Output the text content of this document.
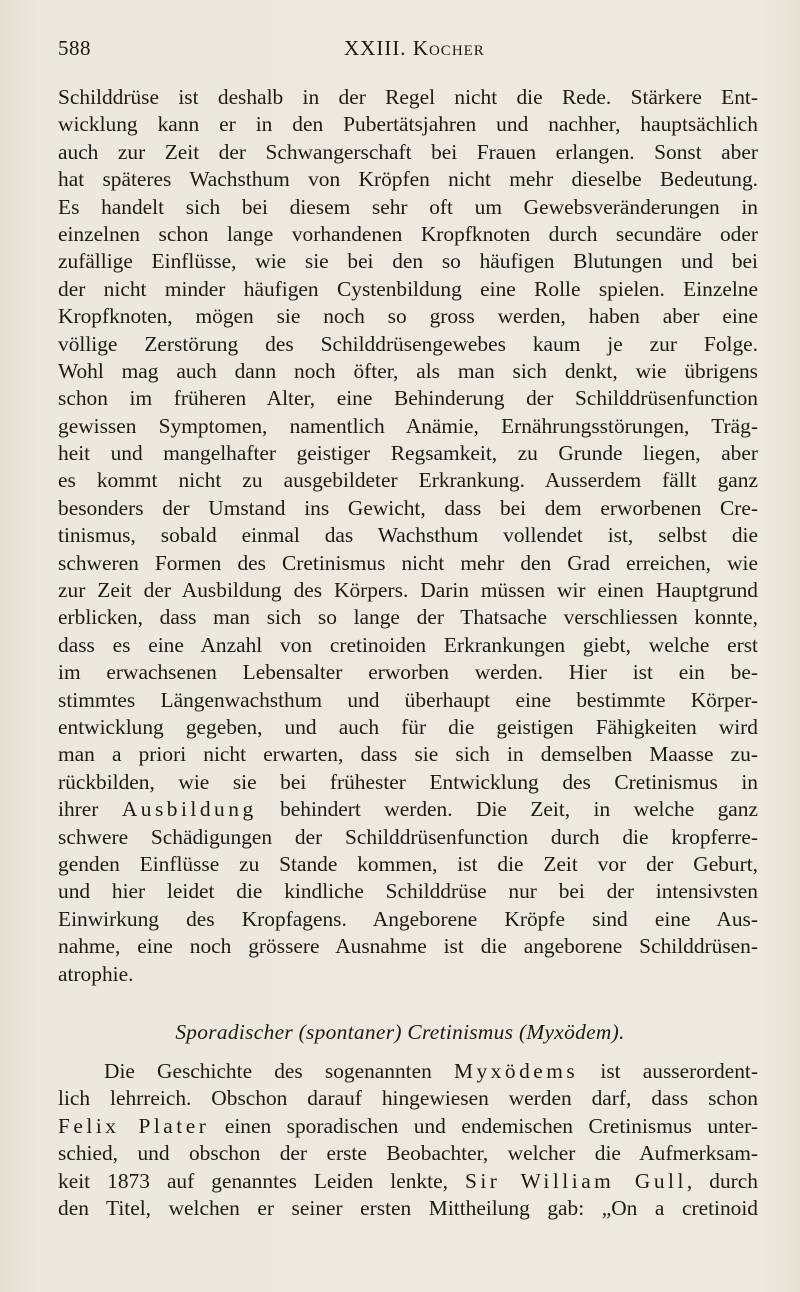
588	XXIII. Kocher
Schilddrüse ist deshalb in der Regel nicht die Rede. Stärkere Ent-
wicklung kann er in den Pubertätsjahren und nachher, hauptsächlich
auch zur Zeit der Schwangerschaft bei Frauen erlangen. Sonst aber
hat späteres Wachsthum von Kröpfen nicht mehr dieselbe Bedeutung.
Es handelt sich bei diesem sehr oft um Gewebsveränderungen in
einzelnen schon lange vorhandenen Kropfknoten durch secundäre oder
zufällige Einflüsse, wie sie bei den so häufigen Blutungen und bei
der nicht minder häufigen Cystenbildung eine Rolle spielen. Einzelne
Kropfknoten, mögen sie noch so gross werden, haben aber eine
völlige Zerstörung des Schilddrüsengewebes kaum je zur Folge.
Wohl mag auch dann noch öfter, als man sich denkt, wie übrigens
schon im früheren Alter, eine Behinderung der Schilddrüsenfunction
gewissen Symptomen, namentlich Anämie, Ernährungsstörungen, Träg-
heit und mangelhafter geistiger Regsamkeit, zu Grunde liegen, aber
es kommt nicht zu ausgebildeter Erkrankung. Ausserdem fällt ganz
besonders der Umstand ins Gewicht, dass bei dem erworbenen Cre-
tinismus, sobald einmal das Wachsthum vollendet ist, selbst die
schweren Formen des Cretinismus nicht mehr den Grad erreichen, wie
zur Zeit der Ausbildung des Körpers. Darin müssen wir einen Hauptgrund
erblicken, dass man sich so lange der Thatsache verschliessen konnte,
dass es eine Anzahl von cretinoiden Erkrankungen giebt, welche erst
im erwachsenen Lebensalter erworben werden. Hier ist ein be-
stimmtes Längenwachsthum und überhaupt eine bestimmte Körper-
entwicklung gegeben, und auch für die geistigen Fähigkeiten wird
man a priori nicht erwarten, dass sie sich in demselben Maasse zu-
rückbilden, wie sie bei frühester Entwicklung des Cretinismus in
ihrer Ausbildung behindert werden. Die Zeit, in welche ganz
schwere Schädigungen der Schilddrüsenfunction durch die kropferre-
genden Einflüsse zu Stande kommen, ist die Zeit vor der Geburt,
und hier leidet die kindliche Schilddrüse nur bei der intensivsten
Einwirkung des Kropfagens. Angeborene Kröpfe sind eine Aus-
nahme, eine noch grössere Ausnahme ist die angeborene Schilddrüsen-
atrophie.
Sporadischer (spontaner) Cretinismus (Myxödem).
Die Geschichte des sogenannten Myxödems ist ausserordent-
lich lehrreich. Obschon darauf hingewiesen werden darf, dass schon
Felix Plater einen sporadischen und endemischen Cretinismus unter-
schied, und obschon der erste Beobachter, welcher die Aufmerksam-
keit 1873 auf genanntes Leiden lenkte, Sir William Gull, durch
den Titel, welchen er seiner ersten Mittheilung gab: „On a cretinoid
